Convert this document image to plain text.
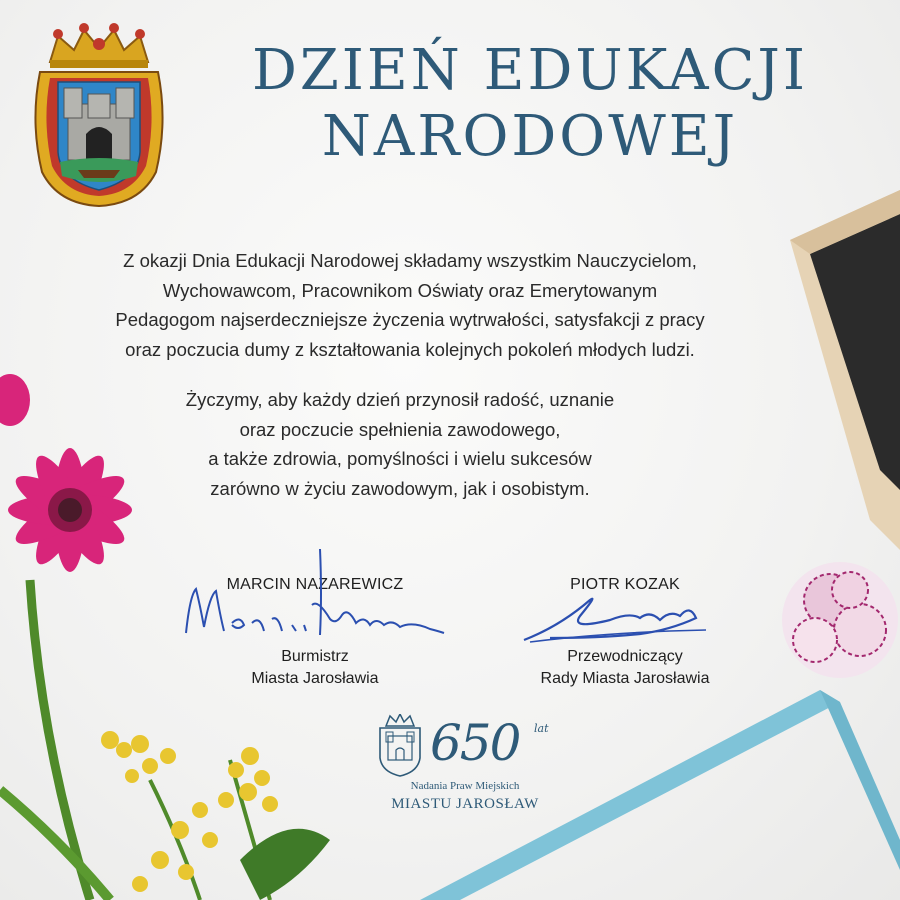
DZIEŃ EDUKACJI
NARODOWEJ
Z okazji Dnia Edukacji Narodowej składamy wszystkim Nauczycielom,
Wychowawcom, Pracownikom Oświaty oraz Emerytowanym
Pedagogom najserdeczniejsze życzenia wytrwałości, satysfakcji z pracy
oraz poczucia dumy z kształtowania kolejnych pokoleń młodych ludzi.
Życzymy, aby każdy dzień przynosił radość, uznanie
oraz poczucie spełnienia zawodowego,
a także zdrowia, pomyślności i wielu sukcesów
zarówno w życiu zawodowym, jak i osobistym.
MARCIN NAZAREWICZ
Burmistrz
Miasta Jarosławia
PIOTR KOZAK
Przewodniczący
Rady Miasta Jarosławia
650 lat
Nadania Praw Miejskich
MIASTU JAROSŁAW
